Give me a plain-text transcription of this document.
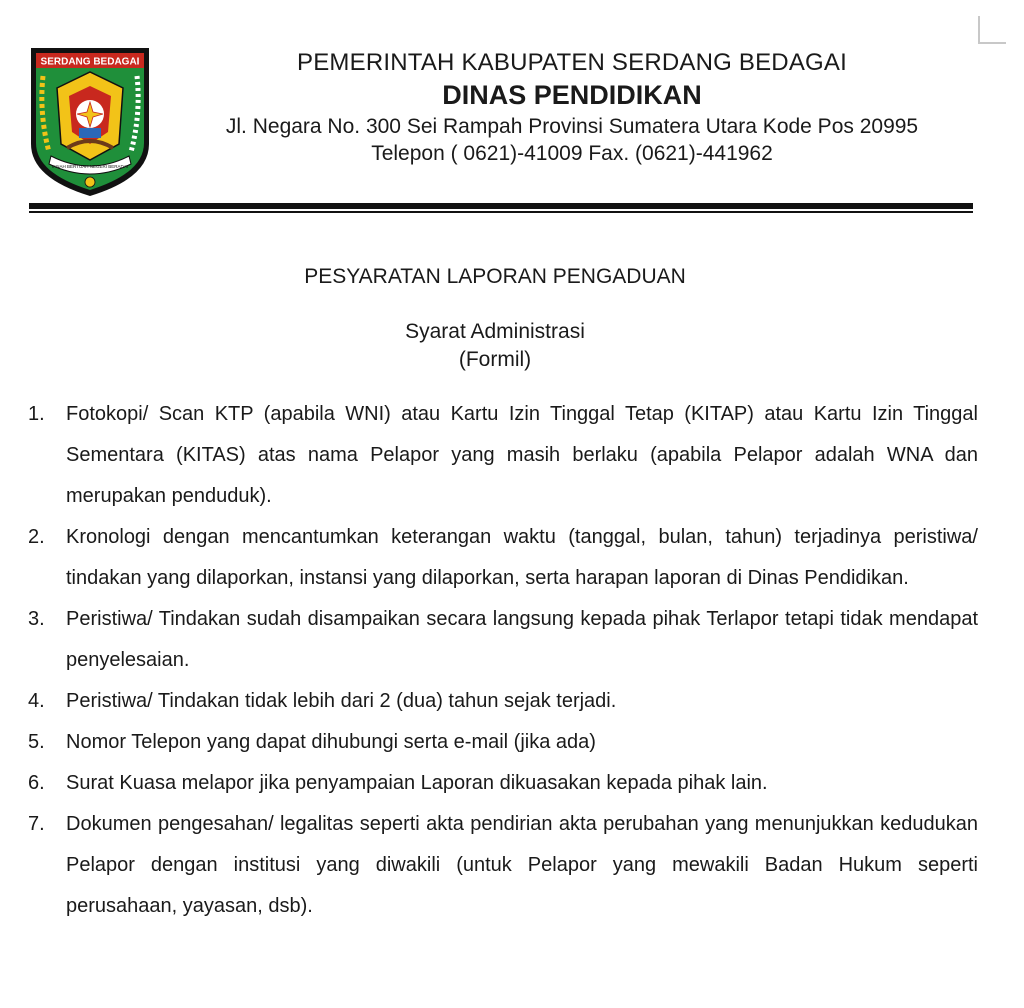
SERDANG BEDAGAI
TANAH BERTUAH NEGERI BERADAT
PEMERINTAH KABUPATEN SERDANG BEDAGAI
DINAS PENDIDIKAN
Jl. Negara No. 300 Sei Rampah Provinsi Sumatera Utara Kode Pos 20995
Telepon ( 0621)-41009 Fax. (0621)-441962
PESYARATAN LAPORAN PENGADUAN
Syarat Administrasi
(Formil)
1. Fotokopi/ Scan KTP (apabila WNI) atau Kartu Izin Tinggal Tetap (KITAP) atau Kartu Izin Tinggal Sementara (KITAS) atas nama Pelapor yang masih berlaku (apabila Pelapor adalah WNA dan merupakan penduduk).
2. Kronologi dengan mencantumkan keterangan waktu (tanggal, bulan, tahun) terjadinya peristiwa/ tindakan yang dilaporkan, instansi yang dilaporkan, serta harapan laporan di Dinas Pendidikan.
3. Peristiwa/ Tindakan sudah disampaikan secara langsung kepada pihak Terlapor tetapi tidak mendapat penyelesaian.
4. Peristiwa/ Tindakan tidak lebih dari 2 (dua) tahun sejak terjadi.
5. Nomor Telepon yang dapat dihubungi serta e-mail (jika ada)
6. Surat Kuasa melapor jika penyampaian Laporan dikuasakan kepada pihak lain.
7. Dokumen pengesahan/ legalitas seperti akta pendirian akta perubahan yang menunjukkan kedudukan Pelapor dengan institusi yang diwakili (untuk Pelapor yang mewakili Badan Hukum seperti perusahaan, yayasan, dsb).
